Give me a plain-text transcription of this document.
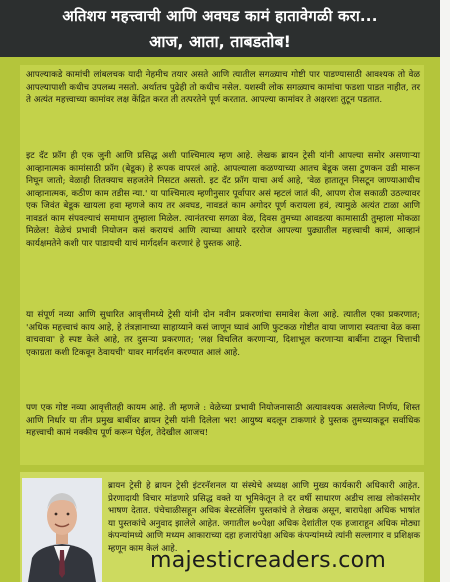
अतिशय महत्त्वाची आणि अवघड कामं हातावेगळी करा...
आज, आता, ताबडतोब!

आपल्याकडे कामांची लांबलचक यादी नेहमीच तयार असते आणि त्यातील सगळ्याच गोष्टी पार पाडण्यासाठी आवश्यक तो वेळ आपल्यापाशी कधीच उपलब्ध नसतो. अर्थातच पुढेही तो कधीच नसेल. यशस्वी लोक सगळ्याच कामांचा फडशा पाडत नाहीत, तर ते अत्यंत महत्त्वाच्या कामांवर लक्ष केंद्रित करत ती तत्परतेने पूर्ण करतात. आपल्या कामांवर ते अक्षरशः तुटून पडतात.

इट दॅट फ्रॉग ही एक जुनी आणि प्रसिद्ध अशी पाश्चिमात्य म्हण आहे. लेखक ब्रायन ट्रेसी यांनी आपल्या समोर असणाऱ्या आव्हानात्मक कामांसाठी फ्रॉग (बेडूक) हे रूपक वापरलं आहे. आपल्याला कळण्याच्या आतच बेडूक जसा टुणकन उडी मारून निघून जातो; वेळाही तितक्याच सहजतेने निसटत असतो. इट दॅट फ्रॉग याचा अर्थ आहे, 'वेळ हातातून निसटून जाण्याआधीच आव्हानात्मक, कठीण काम तडीस न्या.' या पाश्चिमात्य म्हणीनुसार पूर्वापार असं म्हटलं जातं की, आपण रोज सकाळी उठल्यावर एक जिवंत बेडूक खायला हवा म्हणजे काय तर अवघड, नावडतं काम अगोदर पूर्ण करायला हवं, त्यामुळे अत्यंत टाळा आणि नावडतं काम संपवल्याचं समाधान तुम्हाला मिळेल. त्यानंतरचा सगळा वेळ, दिवस तुमच्या आवडत्या कामासाठी तुम्हाला मोकळा मिळेल! वेळेचं प्रभावी नियोजन कसं करायचं आणि त्याच्या आधारे दररोज आपल्या पुढ्यातील महत्त्वाची कामं, आव्हानं कार्यक्षमतेने कशी पार पाडायची याचं मार्गदर्शन करणारं हे पुस्तक आहे.

या संपूर्ण नव्या आणि सुधारित आवृत्तीमध्ये ट्रेसी यांनी दोन नवीन प्रकरणांचा समावेश केला आहे. त्यातील एका प्रकरणात; 'अधिक महत्त्वाचं काय आहे, हे तंत्रज्ञानाच्या साहाय्याने कसं जाणून घ्यावं आणि फुटकळ गोष्टीत वाया जाणारा स्वतःचा वेळ कसा वाचवावा' हे स्पष्ट केले आहे, तर दुसऱ्या प्रकरणात; 'लक्ष विचलित करणाऱ्या, दिशाभूल करणाऱ्या बाबींना टाळून चित्ताची एकाग्रता कशी टिकवून ठेवायची' यावर मार्गदर्शन करण्यात आलं आहे.

पण एक गोष्ट नव्या आवृत्तीतही कायम आहे. ती म्हणजे : वेळेच्या प्रभावी नियोजनासाठी अत्यावश्यक असलेल्या निर्णय, शिस्त आणि निर्धार या तीन प्रमुख बाबींवर ब्रायन ट्रेसी यांनी दिलेला भर! आयुष्य बदलून टाकणारं हे पुस्तक तुमच्याकडून सर्वाधिक महत्त्वाची कामं नक्कीच पूर्ण करून घेईल, तेदेखील आजच!

ब्रायन ट्रेसी हे ब्रायन ट्रेसी इंटरनॅशनल या संस्थेचे अध्यक्ष आणि मुख्य कार्यकारी अधिकारी आहेत. प्रेरणादायी विचार मांडणारे प्रसिद्ध वक्ते या भूमिकेतून ते दर वर्षी साधारण अडीच लाख लोकांसमोर भाषण देतात. पंचेचाळीसहून अधिक बेस्टसेलिंग पुस्तकांचे ते लेखक असून, बारापेक्षा अधिक भाषांत या पुस्तकांचे अनुवाद झालेले आहेत. जगातील ७०पेक्षा अधिक देशांतील एक हजाराहून अधिक मोठ्या कंपन्यांमध्ये आणि मध्यम आकाराच्या दहा हजारांपेक्षा अधिक कंपन्यांमध्ये त्यांनी सल्लागार व प्रशिक्षक म्हणून काम केलं आहे.

majesticreaders.com
